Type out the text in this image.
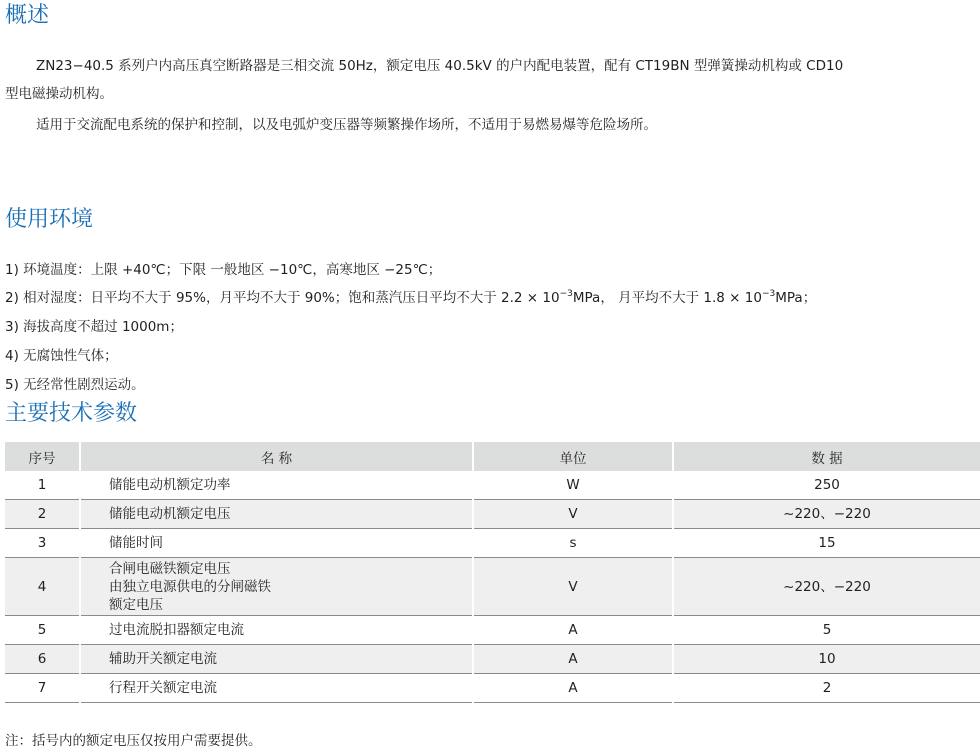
概述

ZN23−40.5 系列户内高压真空断路器是三相交流 50Hz，额定电压 40.5kV 的户内配电装置，配有 CT19BN 型弹簧操动机构或 CD10

型电磁操动机构。

适用于交流配电系统的保护和控制，以及电弧炉变压器等频繁操作场所，不适用于易燃易爆等危险场所。

使用环境

1) 环境温度：上限 +40℃；下限 一般地区 −10℃，高寒地区 −25℃；

2) 相对湿度：日平均不大于 95%，月平均不大于 90%；饱和蒸汽压日平均不大于 $2.2 \times 10^{-3}MPa$， 月平均不大于 $1.8 \times 10^{-3}MPa$；

3) 海拔高度不超过 1000m；

4) 无腐蚀性气体；

5) 无经常性剧烈运动。

主要技术参数
序号	名 称	单位	数 据
1	储能电动机额定功率	W	250
2	储能电动机额定电压	V	~220、−220
3	储能时间	s	15
4	合闸电磁铁额定电压
由独立电源供电的分闸磁铁
额定电压	V	~220、−220
5	过电流脱扣器额定电流	A	5
6	辅助开关额定电流	A	10
7	行程开关额定电流	A	2

注：括号内的额定电压仅按用户需要提供。
